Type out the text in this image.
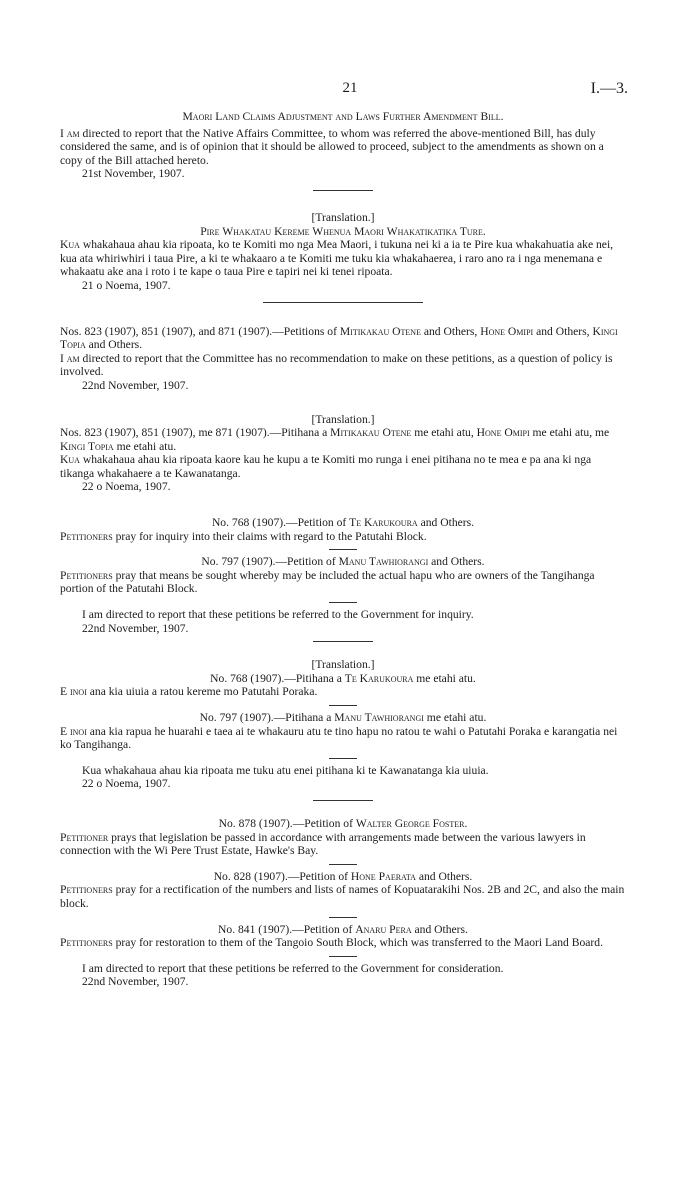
21	I.—3.

Maori Land Claims Adjustment and Laws Further Amendment Bill.

I am directed to report that the Native Affairs Committee, to whom was referred the above-mentioned Bill, has duly considered the same, and is of opinion that it should be allowed to proceed, subject to the amendments as shown on a copy of the Bill attached hereto.

21st November, 1907.

[Translation.]

Pire Whakatau Kereme Whenua Maori Whakatikatika Ture.

Kua whakahaua ahau kia ripoata, ko te Komiti mo nga Mea Maori, i tukuna nei ki a ia te Pire kua whakahuatia ake nei, kua ata whiriwhiri i taua Pire, a ki te whakaaro a te Komiti me tuku kia whakahaerea, i raro ano ra i nga menemana e whakaatu ake ana i roto i te kape o taua Pire e tapiri nei ki tenei ripoata.

21 o Noema, 1907.

Nos. 823 (1907), 851 (1907), and 871 (1907).—Petitions of Mitikakau Otene and Others, Hone Omipi and Others, Kingi Topia and Others.

I am directed to report that the Committee has no recommendation to make on these petitions, as a question of policy is involved.

22nd November, 1907.

[Translation.]

Nos. 823 (1907), 851 (1907), me 871 (1907).—Pitihana a Mitikakau Otene me etahi atu, Hone Omipi me etahi atu, me Kingi Topia me etahi atu.

Kua whakahaua ahau kia ripoata kaore kau he kupu a te Komiti mo runga i enei pitihana no te mea e pa ana ki nga tikanga whakahaere a te Kawanatanga.

22 o Noema, 1907.

No. 768 (1907).—Petition of Te Karukoura and Others.

Petitioners pray for inquiry into their claims with regard to the Patutahi Block.

No. 797 (1907).—Petition of Manu Tawhiorangi and Others.

Petitioners pray that means be sought whereby may be included the actual hapu who are owners of the Tangihanga portion of the Patutahi Block.

I am directed to report that these petitions be referred to the Government for inquiry.

22nd November, 1907.

[Translation.]

No. 768 (1907).—Pitihana a Te Karukoura me etahi atu.

E inoi ana kia uiuia a ratou kereme mo Patutahi Poraka.

No. 797 (1907).—Pitihana a Manu Tawhiorangi me etahi atu.

E inoi ana kia rapua he huarahi e taea ai te whakauru atu te tino hapu no ratou te wahi o Patutahi Poraka e karangatia nei ko Tangihanga.

Kua whakahaua ahau kia ripoata me tuku atu enei pitihana ki te Kawanatanga kia uiuia.

22 o Noema, 1907.

No. 878 (1907).—Petition of Walter George Foster.

Petitioner prays that legislation be passed in accordance with arrangements made between the various lawyers in connection with the Wi Pere Trust Estate, Hawke's Bay.

No. 828 (1907).—Petition of Hone Paerata and Others.

Petitioners pray for a rectification of the numbers and lists of names of Kopuatarakihi Nos. 2B and 2C, and also the main block.

No. 841 (1907).—Petition of Anaru Pera and Others.

Petitioners pray for restoration to them of the Tangoio South Block, which was transferred to the Maori Land Board.

I am directed to report that these petitions be referred to the Government for consideration.

22nd November, 1907.
